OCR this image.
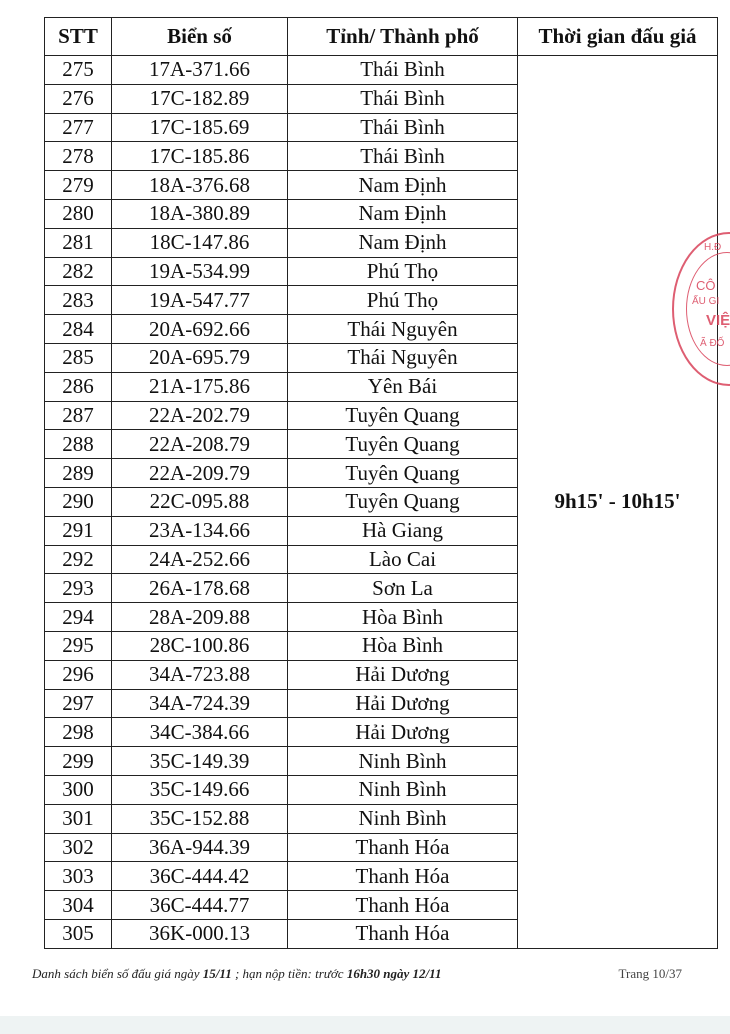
STT	Biển số	Tỉnh/ Thành phố	Thời gian đấu giá
275	17A-371.66	Thái Bình	9h15' - 10h15'
276	17C-182.89	Thái Bình	
277	17C-185.69	Thái Bình	
278	17C-185.86	Thái Bình	
279	18A-376.68	Nam Định	
280	18A-380.89	Nam Định	
281	18C-147.86	Nam Định	
282	19A-534.99	Phú Thọ	
283	19A-547.77	Phú Thọ	
284	20A-692.66	Thái Nguyên	
285	20A-695.79	Thái Nguyên	
286	21A-175.86	Yên Bái	
287	22A-202.79	Tuyên Quang	
288	22A-208.79	Tuyên Quang	
289	22A-209.79	Tuyên Quang	
290	22C-095.88	Tuyên Quang	
291	23A-134.66	Hà Giang	
292	24A-252.66	Lào Cai	
293	26A-178.68	Sơn La	
294	28A-209.88	Hòa Bình	
295	28C-100.86	Hòa Bình	
296	34A-723.88	Hải Dương	
297	34A-724.39	Hải Dương	
298	34C-384.66	Hải Dương	
299	35C-149.39	Ninh Bình	
300	35C-149.66	Ninh Bình	
301	35C-152.88	Ninh Bình	
302	36A-944.39	Thanh Hóa	
303	36C-444.42	Thanh Hóa	
304	36C-444.77	Thanh Hóa	
305	36K-000.13	Thanh Hóa	
H.Đ
CÔ
ẤU GI
VIỆ
Ã ĐỐ
Danh sách biển số đấu giá ngày 15/11 ; hạn nộp tiền: trước 16h30 ngày 12/11	Trang 10/37
